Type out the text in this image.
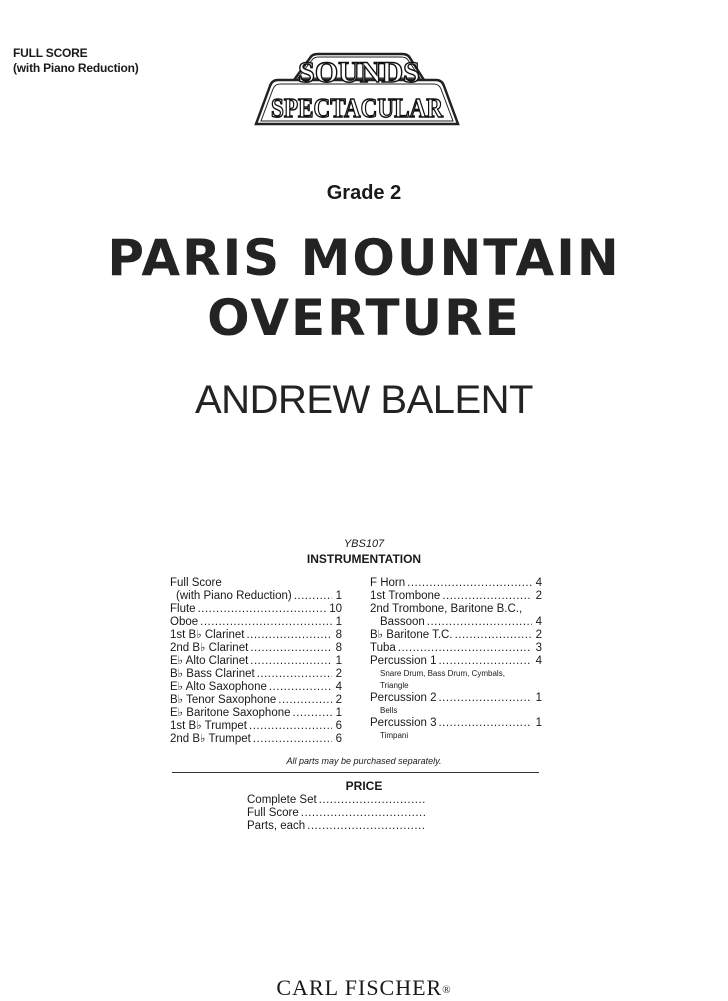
FULL SCORE
(with Piano Reduction)	SOUNDS
SPECTACULAR
Grade 2
PARIS MOUNTAIN
OVERTURE
ANDREW BALENT
YBS107
INSTRUMENTATION
Full Score
(with Piano Reduction) .....	1
Flute .....	10
Oboe .....	1
1st B♭ Clarinet .....	8
2nd B♭ Clarinet .....	8
E♭ Alto Clarinet .....	1
B♭ Bass Clarinet .....	2
E♭ Alto Saxophone .....	4
B♭ Tenor Saxophone .....	2
E♭ Baritone Saxophone .....	1
1st B♭ Trumpet .....	6
2nd B♭ Trumpet .....	6
F Horn .....	4
1st Trombone .....	2
2nd Trombone, Baritone B.C.,
Bassoon .....	4
B♭ Baritone T.C. .....	2
Tuba .....	3
Percussion 1 .....	4
Snare Drum, Bass Drum, Cymbals,
Triangle
Percussion 2 .....	1
Bells
Percussion 3 .....	1
Timpani
All parts may be purchased separately.
PRICE
Complete Set
.....
Full Score
.....
Parts, each
.....
CARL FISCHER®
